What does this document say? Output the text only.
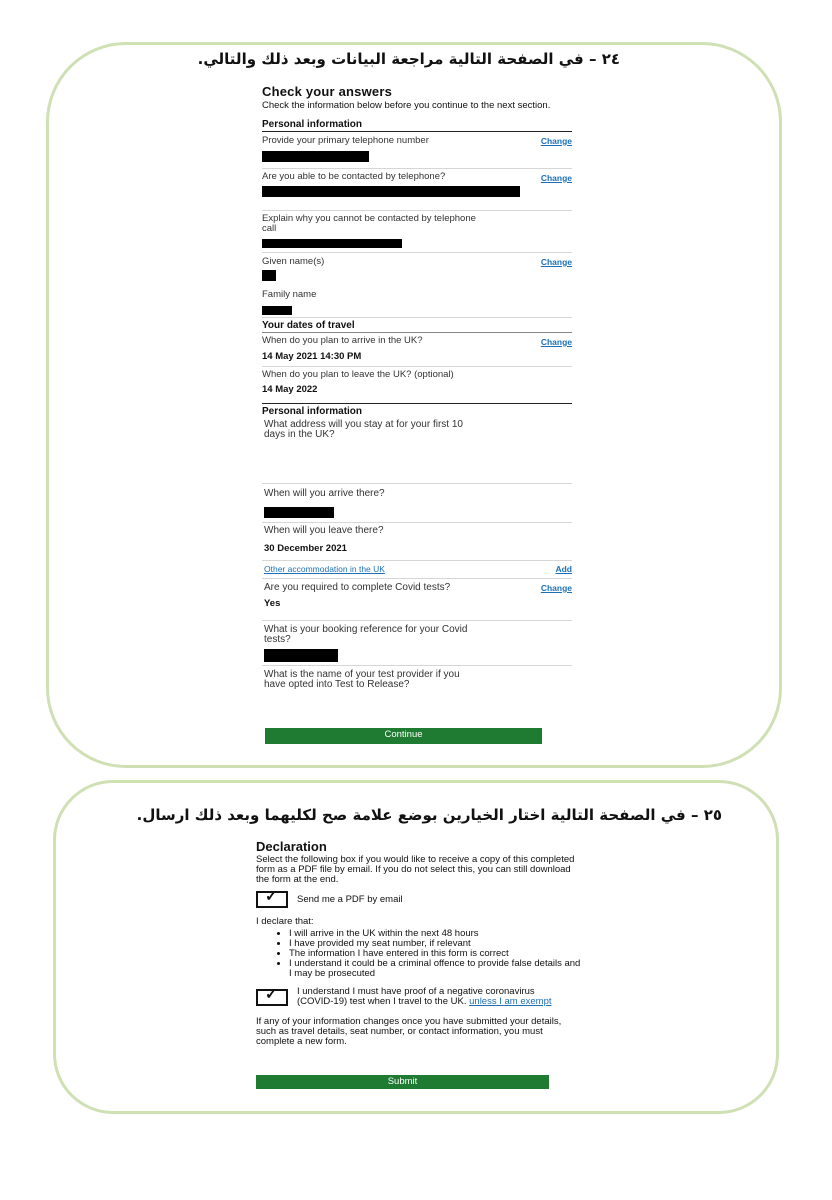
٢٤ – في الصفحة التالية مراجعة البيانات وبعد ذلك والتالي.
٢٥ – في الصفحة التالية اختار الخيارين بوضع علامة صح لكليهما وبعد ذلك ارسال.
Check your answers
Check the information below before you continue to the next section.
Personal information
Provide your primary telephone number	Change
Are you able to be contacted by telephone?	Change
Explain why you cannot be contacted by telephone call
Given name(s)	Change
Family name
Your dates of travel
When do you plan to arrive in the UK?	Change
14 May 2021 14:30 PM
When do you plan to leave the UK? (optional)
14 May 2022
Personal information
What address will you stay at for your first 10 days in the UK?
When will you arrive there?
When will you leave there?
30 December 2021
Other accommodation in the UK	Add
Are you required to complete Covid tests?	Change
Yes
What is your booking reference for your Covid tests?
What is the name of your test provider if you have opted into Test to Release?
Continue
Declaration
Select the following box if you would like to receive a copy of this completed form as a PDF file by email. If you do not select this, you can still download the form at the end.
✓ Send me a PDF by email
I declare that:
• I will arrive in the UK within the next 48 hours
• I have provided my seat number, if relevant
• The information I have entered in this form is correct
• I understand it could be a criminal offence to provide false details and I may be prosecuted
✓ I understand I must have proof of a negative coronavirus (COVID-19) test when I travel to the UK. unless I am exempt
If any of your information changes once you have submitted your details, such as travel details, seat number, or contact information, you must complete a new form.
Submit
